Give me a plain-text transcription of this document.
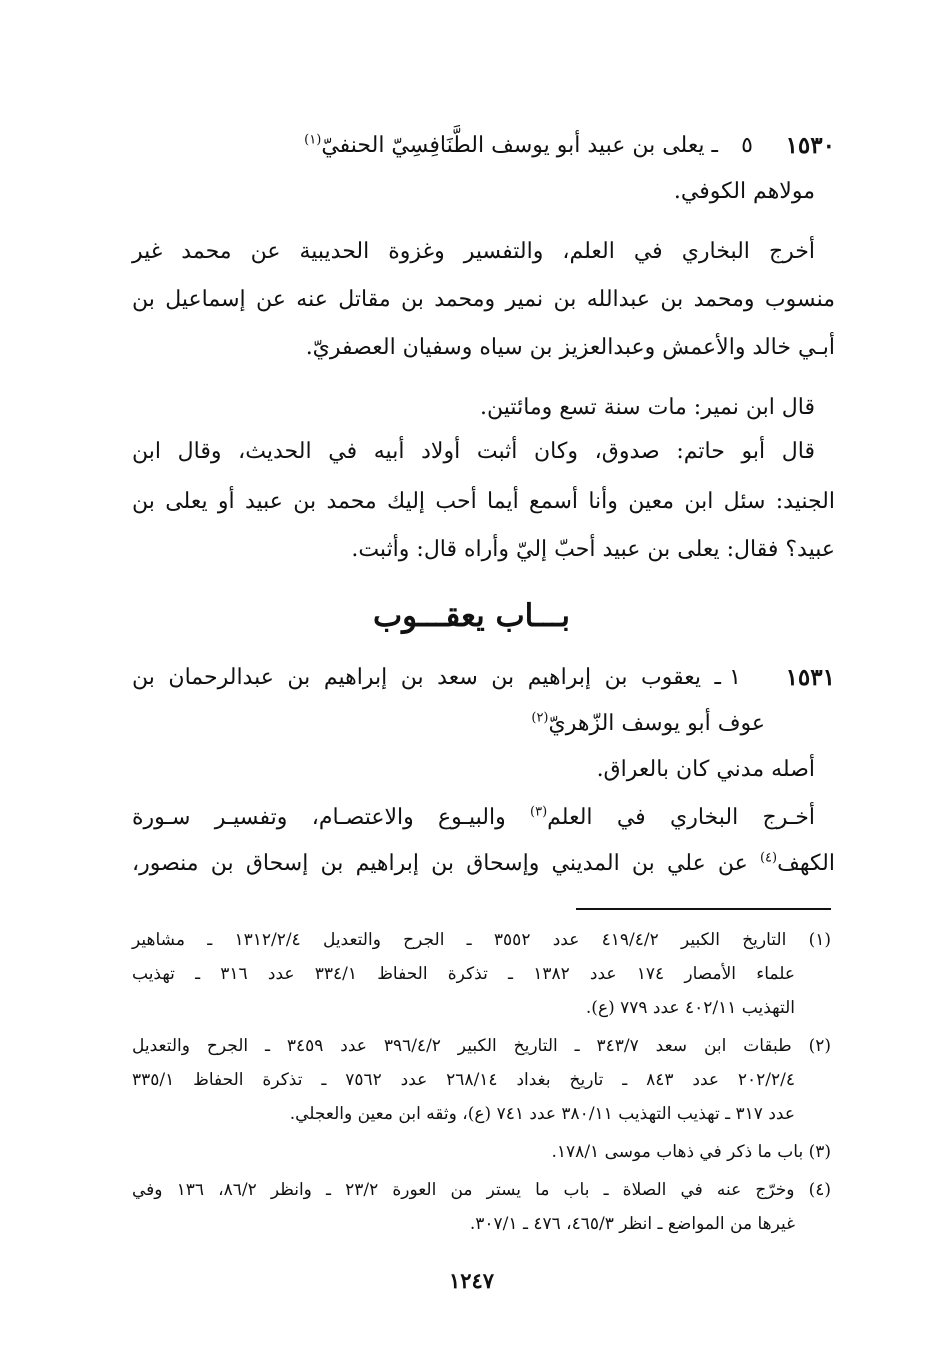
١٥٣٠
٥
ـ يعلى بن عبيد أبو يوسف الطَّنَافِسِيّ الحنفيّ$^{(١)}$
مولاهم الكوفي.
أخرج البخاري في العلم، والتفسير وغزوة الحديبية عن محمد غير
منسوب ومحمد بن عبدالله بن نمير ومحمد بن مقاتل عنه عن إسماعيل بن
أبـي خالد والأعمش وعبدالعزيز بن سياه وسفيان العصفريّ.
قال ابن نمير: مات سنة تسع ومائتين.
قال أبو حاتم: صدوق، وكان أثبت أولاد أبيه في الحديث، وقال ابن
الجنيد: سئل ابن معين وأنا أسمع أيما أحب إليك محمد بن عبيد أو يعلى بن
عبيد؟ فقال: يعلى بن عبيد أحبّ إليّ وأراه قال: وأثبت.
بـــاب يعقـــوب
١٥٣١
١
ـ يعقوب بن إبراهيم بن سعد بن إبراهيم بن عبدالرحمان بن
عوف أبو يوسف الزّهريّ$^{(٢)}$
أصله مدني كان بالعراق.
أخـرج البخاري في العلم$^{(٣)}$ والبيـوع والاعتصـام، وتفسيـر سـورة
الكهف$^{(٤)}$ عن علي بن المديني وإسحاق بن إبراهيم بن إسحاق بن منصور،
(١) التاريخ الكبير ٤١٩/٤/٢ عدد ٣٥٥٢ ـ الجرح والتعديل ١٣١٢/٢/٤ ـ مشاهير
علماء الأمصار ١٧٤ عدد ١٣٨٢ ـ تذكرة الحفاظ ٣٣٤/١ عدد ٣١٦ ـ تهذيب
التهذيب ٤٠٢/١١ عدد ٧٧٩ (ع).
(٢) طبقات ابن سعد ٣٤٣/٧ ـ التاريخ الكبير ٣٩٦/٤/٢ عدد ٣٤٥٩ ـ الجرح والتعديل
٢٠٢/٢/٤ عدد ٨٤٣ ـ تاريخ بغداد ٢٦٨/١٤ عدد ٧٥٦٢ ـ تذكرة الحفاظ ٣٣٥/١
عدد ٣١٧ ـ تهذيب التهذيب ٣٨٠/١١ عدد ٧٤١ (ع)، وثقه ابن معين والعجلي.
(٣) باب ما ذكر في ذهاب موسى ١٧٨/١.
(٤) وخرّج عنه في الصلاة ـ باب ما يستر من العورة ٢٣/٢ ـ وانظر ٨٦/٢، ١٣٦ وفي
غيرها من المواضع ـ انظر ٤٦٥/٣، ٤٧٦ ـ ٣٠٧/١.
١٢٤٧
